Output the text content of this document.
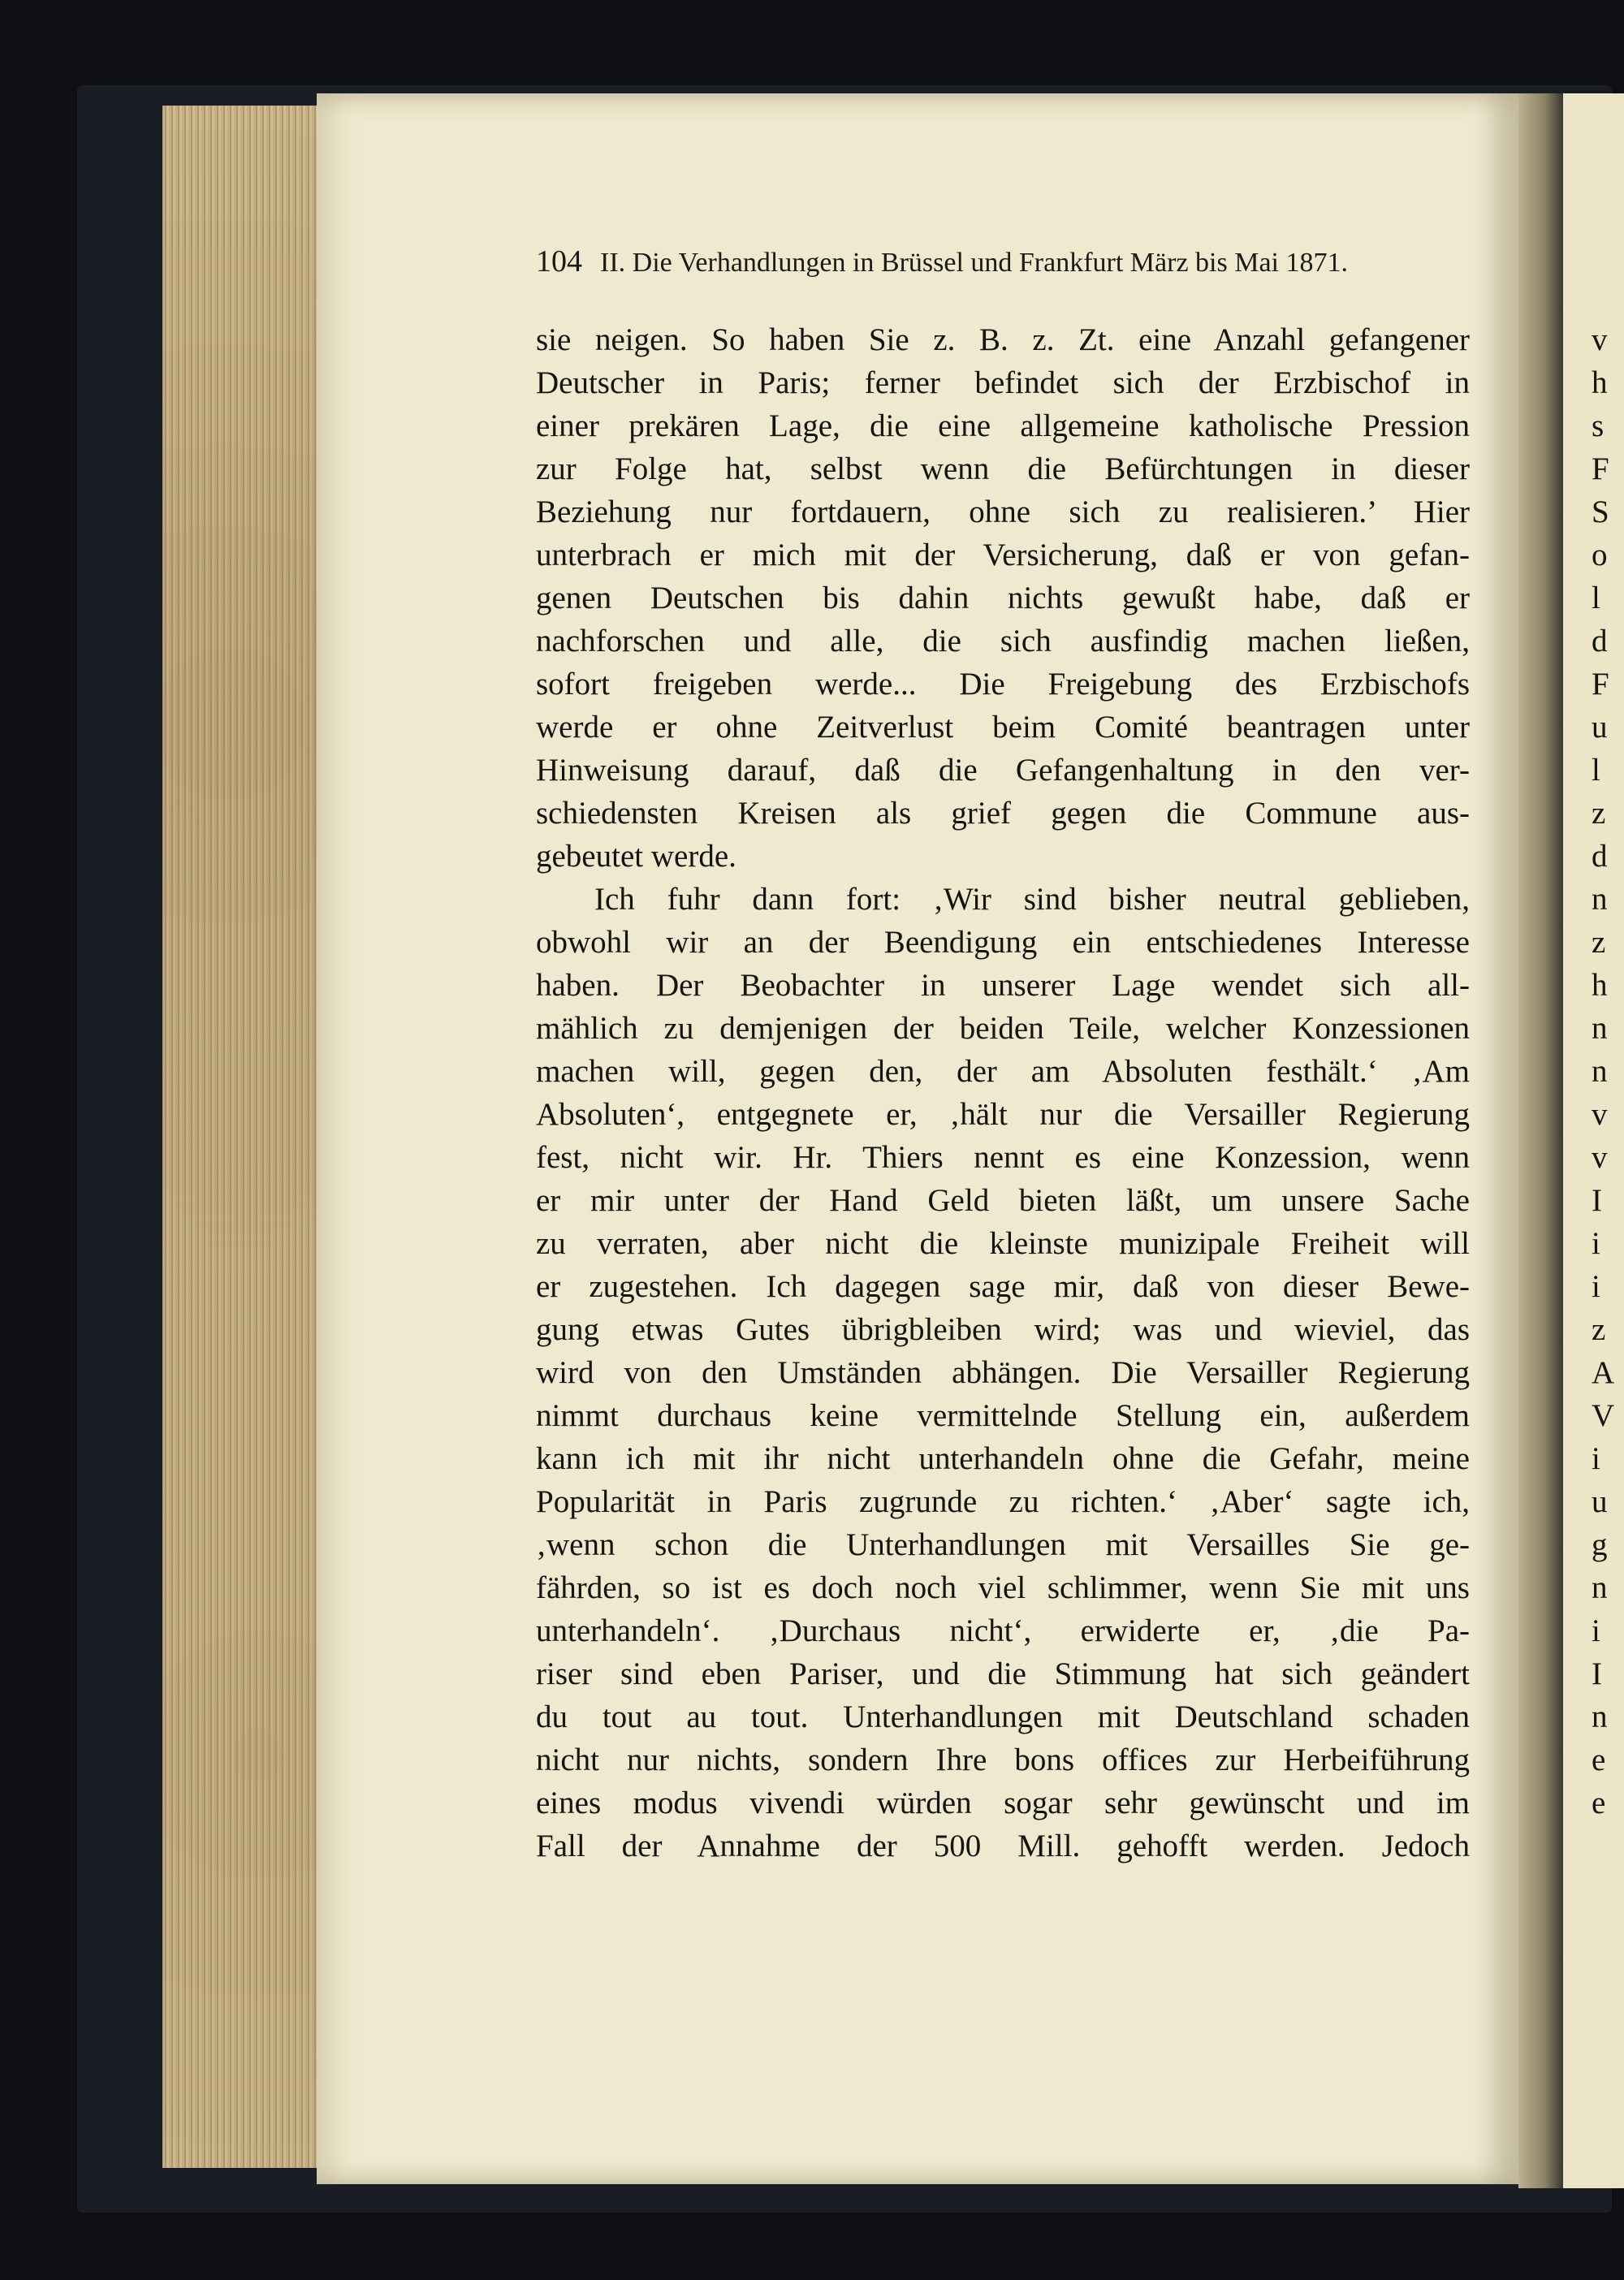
104 II. Die Verhandlungen in Brüssel und Frankfurt März bis Mai 1871.
sie neigen. So haben Sie z. B. z. Zt. eine Anzahl gefangener
Deutscher in Paris; ferner befindet sich der Erzbischof in
einer prekären Lage, die eine allgemeine katholische Pression
zur Folge hat, selbst wenn die Befürchtungen in dieser
Beziehung nur fortdauern, ohne sich zu realisieren.’ Hier
unterbrach er mich mit der Versicherung, daß er von gefan-
genen Deutschen bis dahin nichts gewußt habe, daß er
nachforschen und alle, die sich ausfindig machen ließen,
sofort freigeben werde... Die Freigebung des Erzbischofs
werde er ohne Zeitverlust beim Comité beantragen unter
Hinweisung darauf, daß die Gefangenhaltung in den ver-
schiedensten Kreisen als grief gegen die Commune aus-
gebeutet werde.
Ich fuhr dann fort: ‚Wir sind bisher neutral geblieben,
obwohl wir an der Beendigung ein entschiedenes Interesse
haben. Der Beobachter in unserer Lage wendet sich all-
mählich zu demjenigen der beiden Teile, welcher Konzessionen
machen will, gegen den, der am Absoluten festhält.‘ ‚Am
Absoluten‘, entgegnete er, ‚hält nur die Versailler Regierung
fest, nicht wir. Hr. Thiers nennt es eine Konzession, wenn
er mir unter der Hand Geld bieten läßt, um unsere Sache
zu verraten, aber nicht die kleinste munizipale Freiheit will
er zugestehen. Ich dagegen sage mir, daß von dieser Bewe-
gung etwas Gutes übrigbleiben wird; was und wieviel, das
wird von den Umständen abhängen. Die Versailler Regierung
nimmt durchaus keine vermittelnde Stellung ein, außerdem
kann ich mit ihr nicht unterhandeln ohne die Gefahr, meine
Popularität in Paris zugrunde zu richten.‘ ‚Aber‘ sagte ich,
‚wenn schon die Unterhandlungen mit Versailles Sie ge-
fährden, so ist es doch noch viel schlimmer, wenn Sie mit uns
unterhandeln‘. ‚Durchaus nicht‘, erwiderte er, ‚die Pa-
riser sind eben Pariser, und die Stimmung hat sich geändert
du tout au tout. Unterhandlungen mit Deutschland schaden
nicht nur nichts, sondern Ihre bons offices zur Herbeiführung
eines modus vivendi würden sogar sehr gewünscht und im
Fall der Annahme der 500 Mill. gehofft werden. Jedoch
v
h
s
F
S
o
l
d
F
u
l
z
d
n
z
h
n
n
v
v
I
i
i
z
A
V
i
u
g
n
i
I
n
e
e
